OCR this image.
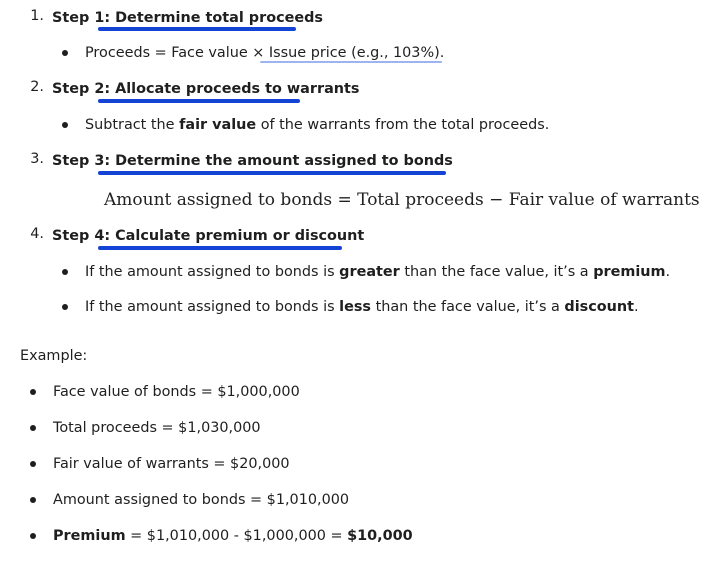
1. Step 1: Determine total proceeds
Proceeds = Face value × Issue price (e.g., 103%).
2. Step 2: Allocate proceeds to warrants
Subtract the fair value of the warrants from the total proceeds.
3. Step 3: Determine the amount assigned to bonds
Amount assigned to bonds = Total proceeds − Fair value of warrants
4. Step 4: Calculate premium or discount
If the amount assigned to bonds is greater than the face value, it’s a premium.
If the amount assigned to bonds is less than the face value, it’s a discount.
Example:
Face value of bonds = $1,000,000
Total proceeds = $1,030,000
Fair value of warrants = $20,000
Amount assigned to bonds = $1,010,000
Premium = $1,010,000 - $1,000,000 = $10,000
